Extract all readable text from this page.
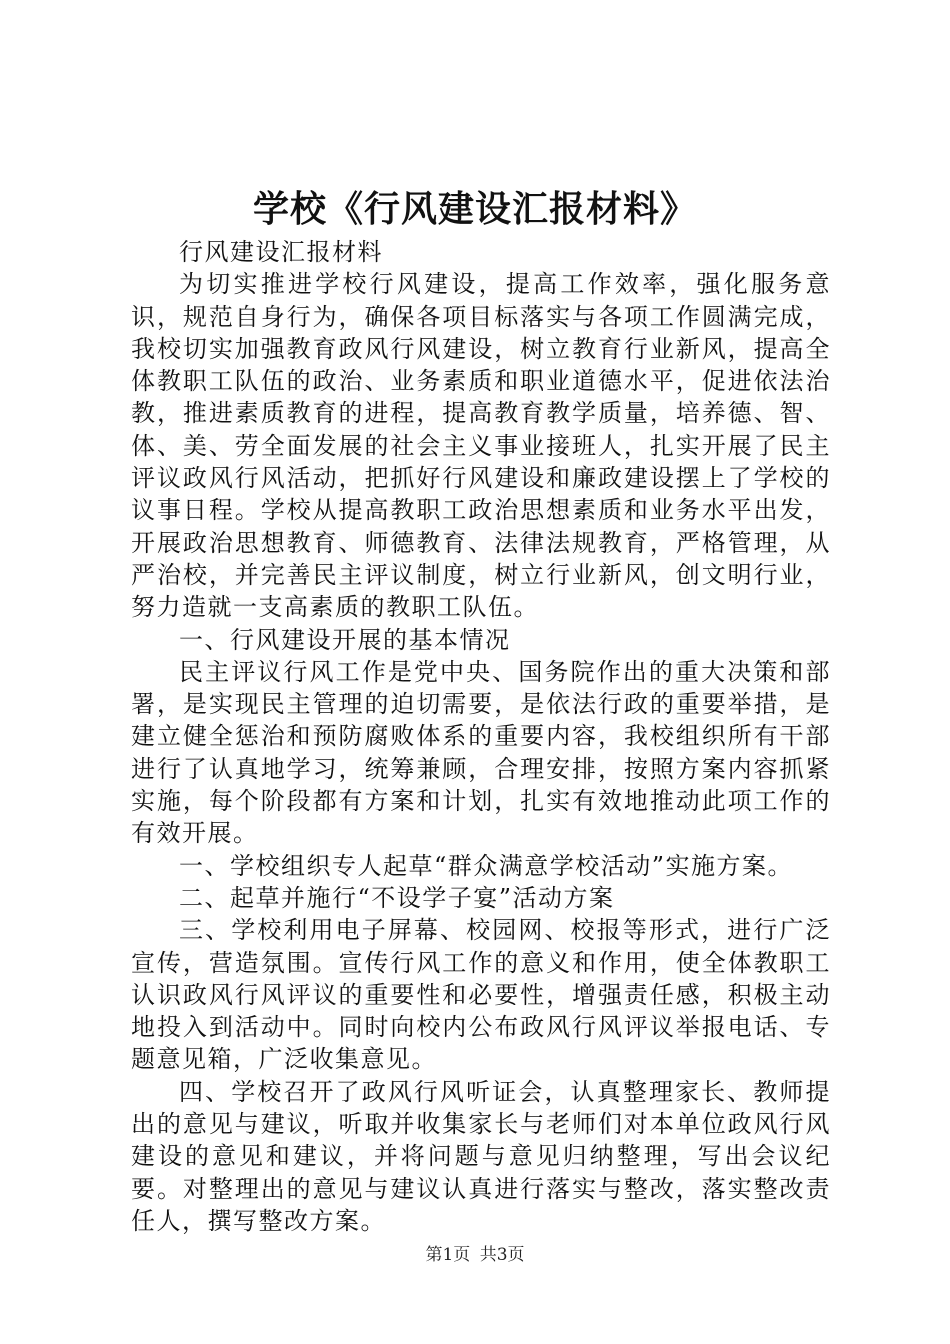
学校《行风建设汇报材料》

行风建设汇报材料

为切实推进学校行风建设，提高工作效率，强化服务意识，规范自身行为，确保各项目标落实与各项工作圆满完成，我校切实加强教育政风行风建设，树立教育行业新风，提高全体教职工队伍的政治、业务素质和职业道德水平，促进依法治教，推进素质教育的进程，提高教育教学质量，培养德、智、体、美、劳全面发展的社会主义事业接班人，扎实开展了民主评议政风行风活动，把抓好行风建设和廉政建设摆上了学校的议事日程。学校从提高教职工政治思想素质和业务水平出发，开展政治思想教育、师德教育、法律法规教育，严格管理，从严治校，并完善民主评议制度，树立行业新风，创文明行业，努力造就一支高素质的教职工队伍。

一、行风建设开展的基本情况

民主评议行风工作是党中央、国务院作出的重大决策和部署，是实现民主管理的迫切需要，是依法行政的重要举措，是建立健全惩治和预防腐败体系的重要内容，我校组织所有干部进行了认真地学习，统筹兼顾，合理安排，按照方案内容抓紧实施，每个阶段都有方案和计划，扎实有效地推动此项工作的有效开展。

一、学校组织专人起草“群众满意学校活动”实施方案。

二、起草并施行“不设学子宴”活动方案

三、学校利用电子屏幕、校园网、校报等形式，进行广泛宣传，营造氛围。宣传行风工作的意义和作用，使全体教职工认识政风行风评议的重要性和必要性，增强责任感，积极主动地投入到活动中。同时向校内公布政风行风评议举报电话、专题意见箱，广泛收集意见。

四、学校召开了政风行风听证会，认真整理家长、教师提出的意见与建议，听取并收集家长与老师们对本单位政风行风建设的意见和建议，并将问题与意见归纳整理，写出会议纪要。对整理出的意见与建议认真进行落实与整改，落实整改责任人，撰写整改方案。

第1页 共3页
